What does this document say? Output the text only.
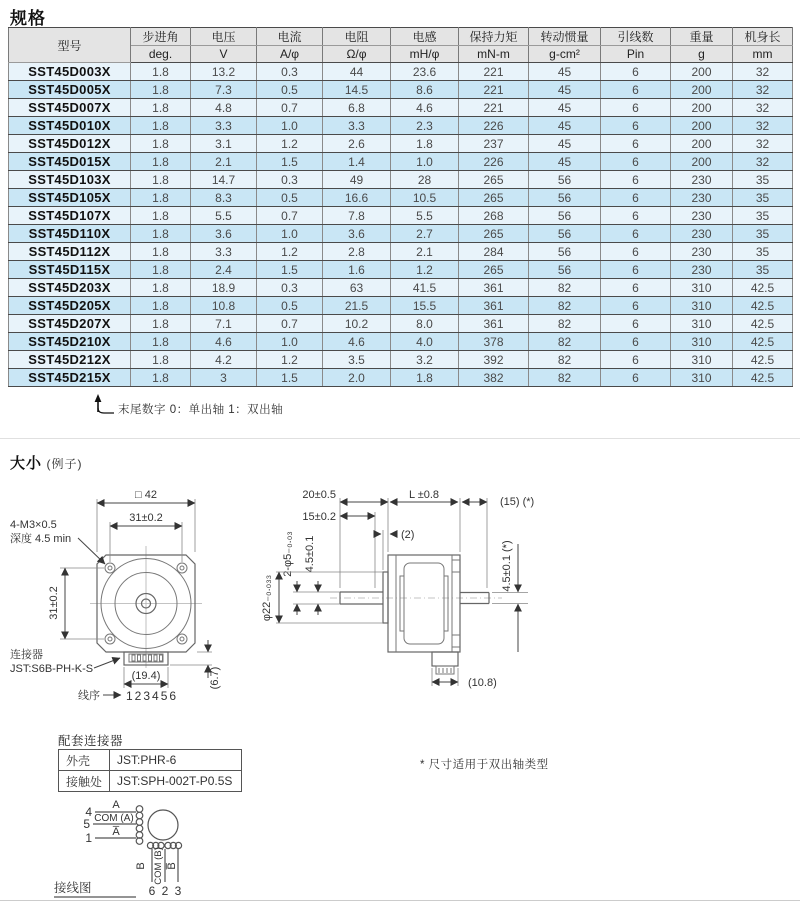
规格
型号	步进角	电压	电流	电阻	电感	保持力矩	转动惯量	引线数	重量	机身长
	deg.	V	A/φ	Ω/φ	mH/φ	mN-m	g-cm²	Pin	g	mm
SST45D003X	1.8	13.2	0.3	44	23.6	221	45	6	200	32
SST45D005X	1.8	7.3	0.5	14.5	8.6	221	45	6	200	32
SST45D007X	1.8	4.8	0.7	6.8	4.6	221	45	6	200	32
SST45D010X	1.8	3.3	1.0	3.3	2.3	226	45	6	200	32
SST45D012X	1.8	3.1	1.2	2.6	1.8	237	45	6	200	32
SST45D015X	1.8	2.1	1.5	1.4	1.0	226	45	6	200	32
SST45D103X	1.8	14.7	0.3	49	28	265	56	6	230	35
SST45D105X	1.8	8.3	0.5	16.6	10.5	265	56	6	230	35
SST45D107X	1.8	5.5	0.7	7.8	5.5	268	56	6	230	35
SST45D110X	1.8	3.6	1.0	3.6	2.7	265	56	6	230	35
SST45D112X	1.8	3.3	1.2	2.8	2.1	284	56	6	230	35
SST45D115X	1.8	2.4	1.5	1.6	1.2	265	56	6	230	35
SST45D203X	1.8	18.9	0.3	63	41.5	361	82	6	310	42.5
SST45D205X	1.8	10.8	0.5	21.5	15.5	361	82	6	310	42.5
SST45D207X	1.8	7.1	0.7	10.2	8.0	361	82	6	310	42.5
SST45D210X	1.8	4.6	1.0	4.6	4.0	378	82	6	310	42.5
SST45D212X	1.8	4.2	1.2	3.5	3.2	392	82	6	310	42.5
SST45D215X	1.8	3	1.5	2.0	1.8	382	82	6	310	42.5
末尾数字 0：单出轴 1：双出轴
大小 (例子)
□ 42
31±0.2
31±0.2
4-M3×0.5
深度 4.5 min
连接器
JST:S6B-PH-K-S
(19.4)	(6.7)
线序 123456
20±0.5
15±0.2
(2)
L ±0.8
(15) (*)
2-φ5₋₀.₀₃ 4.5±0.1
φ22₋₀.₀₃₃
4.5±0.1 (*)
(10.8)
配套连接器
外壳	JST:PHR-6
接触处	JST:SPH-002T-P0.5S
* 尺寸适用于双出轴类型
4
5
1
A
COM (A)
A̅
B COM (B) B̅
6 2 3
接线图
